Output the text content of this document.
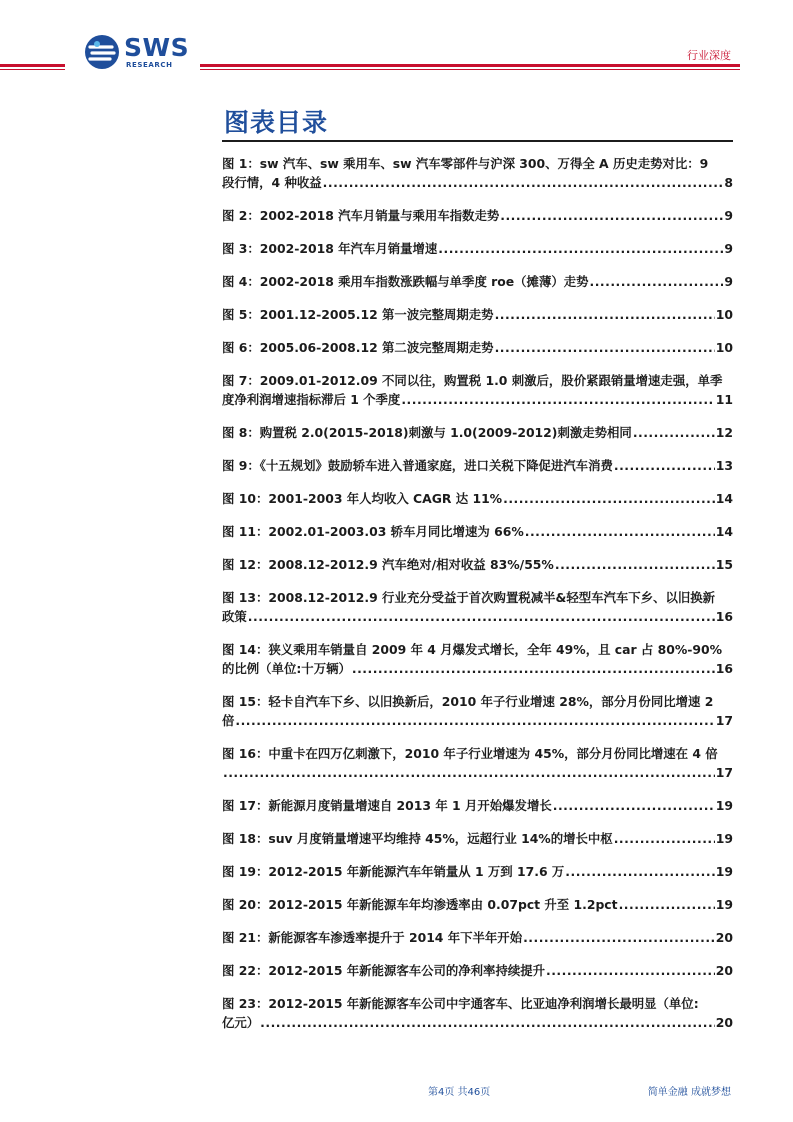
SWS
RESEARCH
行业深度
图表目录
图 1：sw 汽车、sw 乘用车、sw 汽车零部件与沪深 300、万得全 A 历史走势对比：9
段行情，4 种收益 .....	8
图 2：2002-2018 汽车月销量与乘用车指数走势 .....	9
图 3：2002-2018 年汽车月销量增速 .....	9
图 4：2002-2018 乘用车指数涨跌幅与单季度 roe（摊薄）走势 .....	9
图 5：2001.12-2005.12 第一波完整周期走势 .....	10
图 6：2005.06-2008.12 第二波完整周期走势 .....	10
图 7：2009.01-2012.09 不同以往，购置税 1.0 刺激后，股价紧跟销量增速走强，单季
度净利润增速指标滞后 1 个季度 .....	11
图 8：购置税 2.0(2015-2018)刺激与 1.0(2009-2012)刺激走势相同 .....	12
图 9：《十五规划》鼓励轿车进入普通家庭，进口关税下降促进汽车消费 .....	13
图 10：2001-2003 年人均收入 CAGR 达 11% .....	14
图 11：2002.01-2003.03 轿车月同比增速为 66% .....	14
图 12：2008.12-2012.9 汽车绝对/相对收益 83%/55% .....	15
图 13：2008.12-2012.9 行业充分受益于首次购置税减半&轻型车汽车下乡、以旧换新
政策 .....	16
图 14：狭义乘用车销量自 2009 年 4 月爆发式增长，全年 49%，且 car 占 80%-90%
的比例（单位:十万辆） .....	16
图 15：轻卡自汽车下乡、以旧换新后，2010 年子行业增速 28%，部分月份同比增速 2
倍 .....	17
图 16：中重卡在四万亿刺激下，2010 年子行业增速为 45%，部分月份同比增速在 4 倍
.....
17
图 17：新能源月度销量增速自 2013 年 1 月开始爆发增长 .....	19
图 18：suv 月度销量增速平均维持 45%，远超行业 14%的增长中枢 .....	19
图 19：2012-2015 年新能源汽车年销量从 1 万到 17.6 万 .....	19
图 20：2012-2015 年新能源车年均渗透率由 0.07pct 升至 1.2pct .....	19
图 21：新能源客车渗透率提升于 2014 年下半年开始 .....	20
图 22：2012-2015 年新能源客车公司的净利率持续提升 .....	20
图 23：2012-2015 年新能源客车公司中宇通客车、比亚迪净利润增长最明显（单位:
亿元） .....	20
第4页 共46页	简单金融 成就梦想
